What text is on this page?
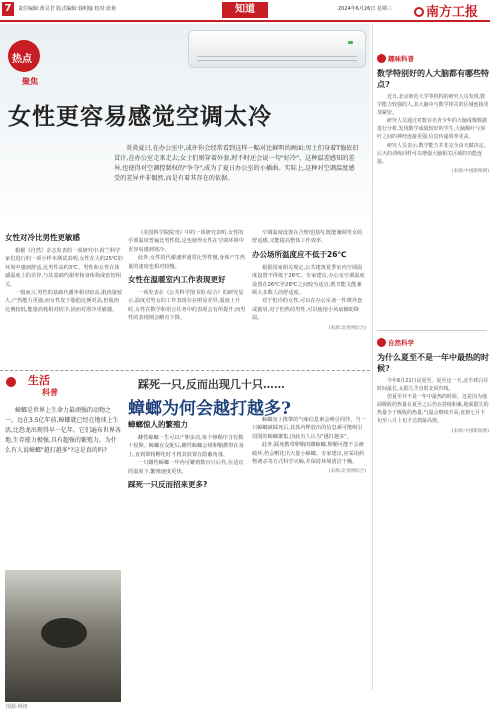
7	责任编辑:黄灵君 版式编辑:钱明璇 校对:张艳	知道	2024年6月26日 星期三	南方工报
热点
聚焦
女性更容易感觉空调太冷
炎炎夏日,在办公室中,或许你会经常看到这样一幅对比鲜明的画面:男士们身着T恤依旧冒汗,在办公室走来走去;女士们则穿着外套,时不时还会说一句"好冷"。这种温差感知的差异,也使得对空调控制权的"争夺",成为了夏日办公室的小插曲。实际上,这种对空调温度感受的差异并非偶然,而是有着其存在的依据。
女性对冷比男性更敏感

根据《自然》杂志发表的一项研究中,荷兰科学家们进行的一项小样本测试表明,女性在大约25℃的环境中感到舒适,比男性高约3℃。男性和女性在体感温度上的差异,与其基础代谢率和身体构成密切相关。

一般而言,男性的基础代谢率相对较高,肌肉量较大,产热能力更强;而女性皮下脂肪比例更高,但肌肉比例较低,能量消耗相对较少,因而对寒冷更敏感。

《美国科学院院刊》中的一项研究表明,女性的手部温度普遍比男性低,这也使得女性在空调环境中更容易感到寒冷。

此外,女性的代谢速率通常比男性慢,身体产生热量的速度也相对较慢。

女性在温暖室内工作表现更好

一项发表在《公共科学图书馆·综合》的研究显示,温度对男女的工作表现存在明显差异,温度上升时,女性在数学和语言任务中的表现会有所提升,而男性的表现则会略有下降。

空调温度设置在合理范围内,既能兼顾男女的舒适感,又能提高整体工作效率。

办公场所温度应不低于26℃

根据国家相关规定,公共建筑夏季室内空调温度设置不得低于26℃。专家建议,办公室空调温度设置在26℃至28℃之间较为适宜,既节能又能兼顾大多数人的舒适度。

对于怕冷的女性,可以在办公室备一件薄外套或披肩,对于怕热的男性,可以使用小风扇辅助降温。

(来源:北青网综合)
生活
科普
踩死一只,反而出现几十只……
蟑螂为何会越打越多?

蟑螂是世界上生命力最顽强的动物之一。远在3.5亿年前,蟑螂就已经在地球上生活,比恐龙出现得早一亿年。它们遍布世界各地,生存能力极强,具有超强的繁殖力。为什么有人说蟑螂"越打越多"?这是真的吗?

图源:网络
蟑螂惊人的繁殖力

雌性蟑螂一生可以产卵多次,每个卵鞘中含有数十枚卵。蟑螂在交配后,雌性蟑螂会将卵鞘携带在身上,直到即将孵化时才将其放置在隐蔽角落。

一只雌性蟑螂一年内可繁殖数百只后代,在适宜的温度下,繁殖速度更快。

踩死一只反而招来更多?

蟑螂身上携带的气味信息素会吸引同伴。当一只蟑螂被踩死后,其体内释放出的信息素可能吸引周围的蟑螂聚集,因此有人认为"越打越多"。

此外,踩死携带卵鞘的雌蟑螂,卵鞘可能不会被破坏,仍会孵化出大量小蟑螂。专家建议,应采用药物诱杀等方式科学灭蟑,并保持环境清洁干燥。

(来源:北青网综合)
趣味科普
数学特别好的人大脑都有哪些特点?

近日,北京师范大学等机构的研究人员发现,数学能力较强的人,其大脑中与数学相关的区域连接更加紧密。

研究人员通过对数百名青少年的大脑成像数据进行分析,发现数学成绩较好的学生,大脑额叶与顶叶之间的神经连接更强,信息传递效率更高。

研究人员表示,数学能力并非完全由天赋决定,后天的训练同样可以增强大脑相关区域的功能连接。

(来源:中国新闻网)
自然科学
为什么夏至不是一年中最热的时候?

今年6月21日是夏至。夏至这一天,北半球白昼时间最长,太阳几乎直射北回归线。

但夏至并不是一年中最热的时候。这是因为地面吸收的热量在夏至之后仍在持续积累,地面散失的热量少于吸收的热量,气温会继续升高,直到七月下旬至八月上旬才达到最高值。

(来源:中国新闻网)
